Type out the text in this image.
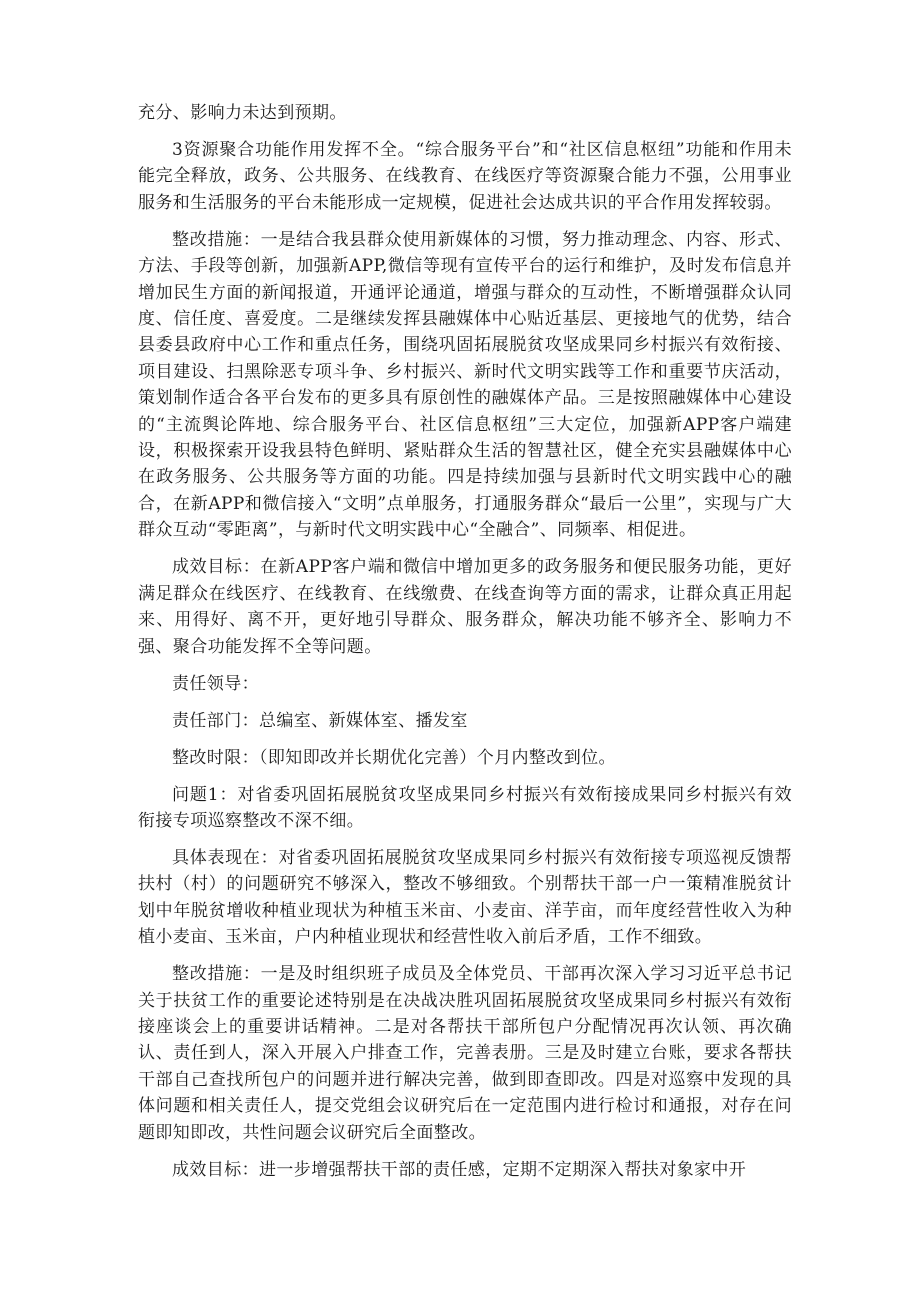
充分、影响力未达到预期。

3资源聚合功能作用发挥不全。“综合服务平台”和“社区信息枢纽”功能和作用未能完全释放，政务、公共服务、在线教育、在线医疗等资源聚合能力不强，公用事业服务和生活服务的平台未能形成一定规模，促进社会达成共识的平合作用发挥较弱。

整改措施：一是结合我县群众使用新媒体的习惯，努力推动理念、内容、形式、方法、手段等创新，加强新APP,微信等现有宣传平台的运行和维护，及时发布信息并增加民生方面的新闻报道，开通评论通道，增强与群众的互动性，不断增强群众认同度、信任度、喜爱度。二是继续发挥县融媒体中心贴近基层、更接地气的优势，结合县委县政府中心工作和重点任务，围绕巩固拓展脱贫攻坚成果同乡村振兴有效衔接、项目建设、扫黑除恶专项斗争、乡村振兴、新时代文明实践等工作和重要节庆活动，策划制作适合各平台发布的更多具有原创性的融媒体产品。三是按照融媒体中心建设的“主流舆论阵地、综合服务平台、社区信息枢纽”三大定位，加强新APP客户端建设，积极探索开设我县特色鲜明、紧贴群众生活的智慧社区，健全充实县融媒体中心在政务服务、公共服务等方面的功能。四是持续加强与县新时代文明实践中心的融合，在新APP和微信接入“文明”点单服务，打通服务群众“最后一公里”，实现与广大群众互动“零距离”，与新时代文明实践中心“全融合”、同频率、相促进。

成效目标：在新APP客户端和微信中增加更多的政务服务和便民服务功能，更好满足群众在线医疗、在线教育、在线缴费、在线查询等方面的需求，让群众真正用起来、用得好、离不开，更好地引导群众、服务群众，解决功能不够齐全、影响力不强、聚合功能发挥不全等问题。

责任领导：

责任部门：总编室、新媒体室、播发室

整改时限：（即知即改并长期优化完善）个月内整改到位。

问题1：对省委巩固拓展脱贫攻坚成果同乡村振兴有效衔接成果同乡村振兴有效衔接专项巡察整改不深不细。

具体表现在：对省委巩固拓展脱贫攻坚成果同乡村振兴有效衔接专项巡视反馈帮扶村（村）的问题研究不够深入，整改不够细致。个别帮扶干部一户一策精准脱贫计划中年脱贫增收种植业现状为种植玉米亩、小麦亩、洋芋亩，而年度经营性收入为种植小麦亩、玉米亩，户内种植业现状和经营性收入前后矛盾，工作不细致。

整改措施：一是及时组织班子成员及全体党员、干部再次深入学习习近平总书记关于扶贫工作的重要论述特别是在决战决胜巩固拓展脱贫攻坚成果同乡村振兴有效衔接座谈会上的重要讲话精神。二是对各帮扶干部所包户分配情况再次认领、再次确认、责任到人，深入开展入户排查工作，完善表册。三是及时建立台账，要求各帮扶干部自己查找所包户的问题并进行解决完善，做到即查即改。四是对巡察中发现的具体问题和相关责任人，提交党组会议研究后在一定范围内进行检讨和通报，对存在问题即知即改，共性问题会议研究后全面整改。

成效目标：进一步增强帮扶干部的责任感，定期不定期深入帮扶对象家中开
